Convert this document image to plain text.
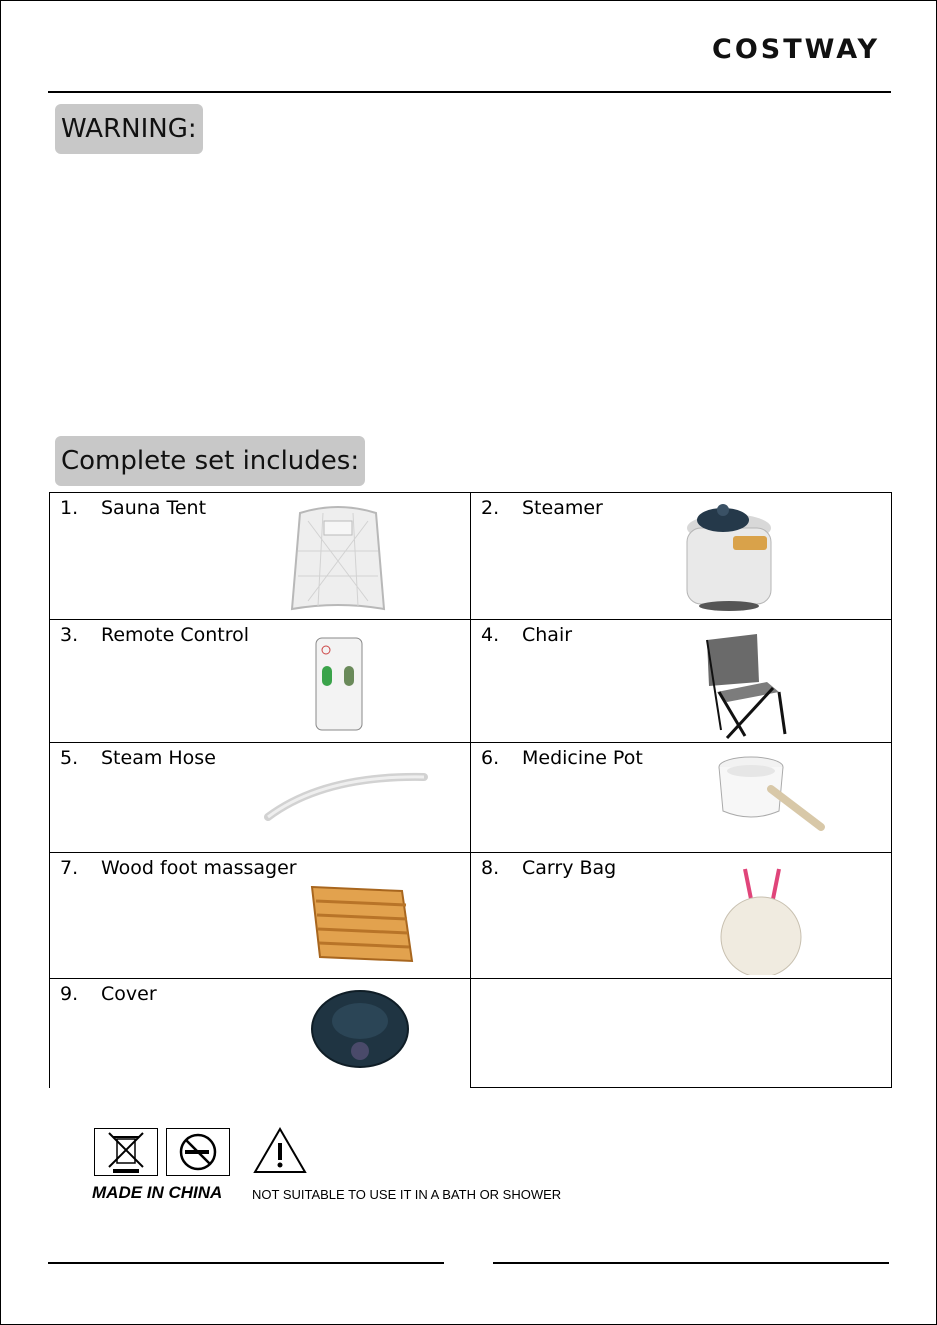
COSTWAY
WARNING:
Complete set includes:
1. Sauna Tent	2. Steamer

3. Remote Control	4. Chair

5. Steam Hose	6. Medicine Pot

7. Wood foot massager	8. Carry Bag

9. Cover	

MADE IN CHINA NOT SUITABLE TO USE IT IN A BATH OR SHOWER
